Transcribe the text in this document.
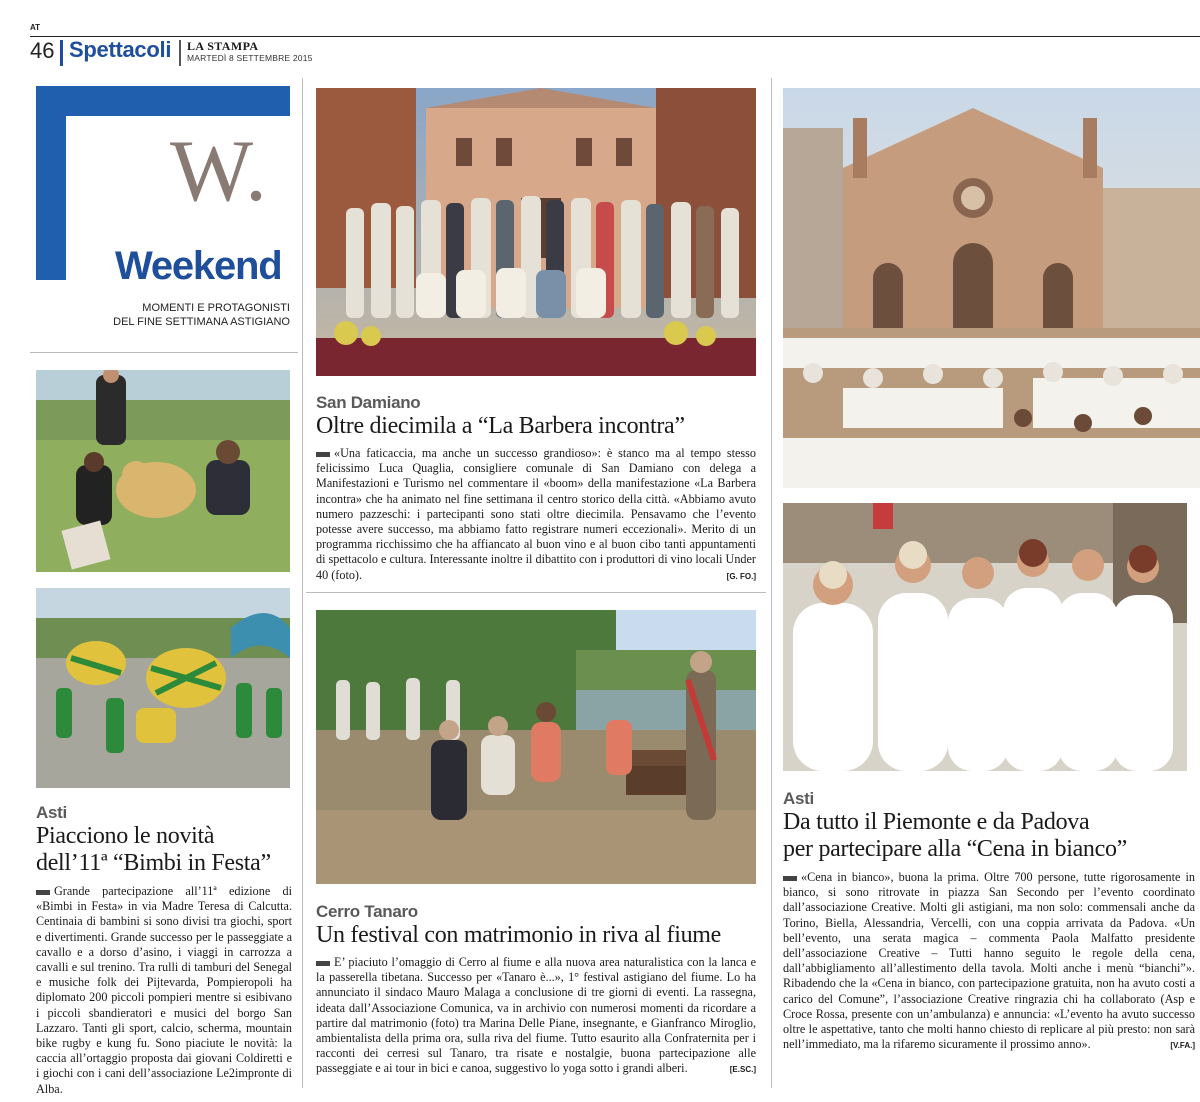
AT
46 Spettacoli LA STAMPA
MARTEDÌ 8 SETTEMBRE 2015
W.
Weekend
MOMENTI E PROTAGONISTI
DEL FINE SETTIMANA ASTIGIANO
San Damiano
Oltre diecimila a “La Barbera incontra”
«Una faticaccia, ma anche un successo grandioso»: è stanco ma al tempo stesso felicissimo Luca Quaglia, consigliere comunale di San Damiano con delega a Manifestazioni e Turismo nel commentare il «boom» della manifestazione «La Barbera incontra» che ha animato nel fine settimana il centro storico della città. «Abbiamo avuto numero pazzeschi: i partecipanti sono stati oltre diecimila. Pensavamo che l’evento potesse avere successo, ma abbiamo fatto registrare numeri eccezionali». Merito di un programma ricchissimo che ha affiancato al buon vino e al buon cibo tanti appuntamenti di spettacolo e cultura. Interessante inoltre il dibattito con i produttori di vino locali Under 40 (foto).	[G. FO.]
Asti
Piacciono le novità
dell’11ª “Bimbi in Festa”
Grande partecipazione all’11ª edizione di «Bimbi in Festa» in via Madre Teresa di Calcutta. Centinaia di bambini si sono divisi tra giochi, sport e divertimenti. Grande successo per le passeggiate a cavallo e a dorso d’asino, i viaggi in carrozza a cavalli e sul trenino. Tra rulli di tamburi del Senegal e musiche folk dei Pijtevarda, Pompieropoli ha diplomato 200 piccoli pompieri mentre si esibivano i piccoli sbandieratori e musici del borgo San Lazzaro. Tanti gli sport, calcio, scherma, mountain bike rugby e kung fu. Sono piaciute le novità: la caccia all’ortaggio proposta dai giovani Coldiretti e i giochi con i cani dell’associazione Le2impronte di Alba.
Cerro Tanaro
Un festival con matrimonio in riva al fiume
E’ piaciuto l’omaggio di Cerro al fiume e alla nuova area naturalistica con la lanca e la passerella tibetana. Successo per «Tanaro è...», 1° festival astigiano del fiume. Lo ha annunciato il sindaco Mauro Malaga a conclusione di tre giorni di eventi. La rassegna, ideata dall’Associazione Comunica, va in archivio con numerosi momenti da ricordare a partire dal matrimonio (foto) tra Marina Delle Piane, insegnante, e Gianfranco Miroglio, ambientalista della prima ora, sulla riva del fiume. Tutto esaurito alla Confraternita per i racconti dei cerresi sul Tanaro, tra risate e nostalgie, buona partecipazione alle passeggiate e ai tour in bici e canoa, suggestivo lo yoga sotto i grandi alberi.	[E.SC.]
Asti
Da tutto il Piemonte e da Padova
per partecipare alla “Cena in bianco”
«Cena in bianco», buona la prima. Oltre 700 persone, tutte rigorosamente in bianco, si sono ritrovate in piazza San Secondo per l’evento coordinato dall’associazione Creative. Molti gli astigiani, ma non solo: commensali anche da Torino, Biella, Alessandria, Vercelli, con una coppia arrivata da Padova. «Un bell’evento, una serata magica – commenta Paola Malfatto presidente dell’associazione Creative – Tutti hanno seguito le regole della cena, dall’abbigliamento all’allestimento della tavola. Molti anche i menù “bianchi”». Ribadendo che la «Cena in bianco, con partecipazione gratuita, non ha avuto costi a carico del Comune”, l’associazione Creative ringrazia chi ha collaborato (Asp e Croce Rossa, presente con un’ambulanza) e annuncia: «L’evento ha avuto successo oltre le aspettative, tanto che molti hanno chiesto di replicare al più presto: non sarà nell’immediato, ma la rifaremo sicuramente il prossimo anno».	[V.FA.]
